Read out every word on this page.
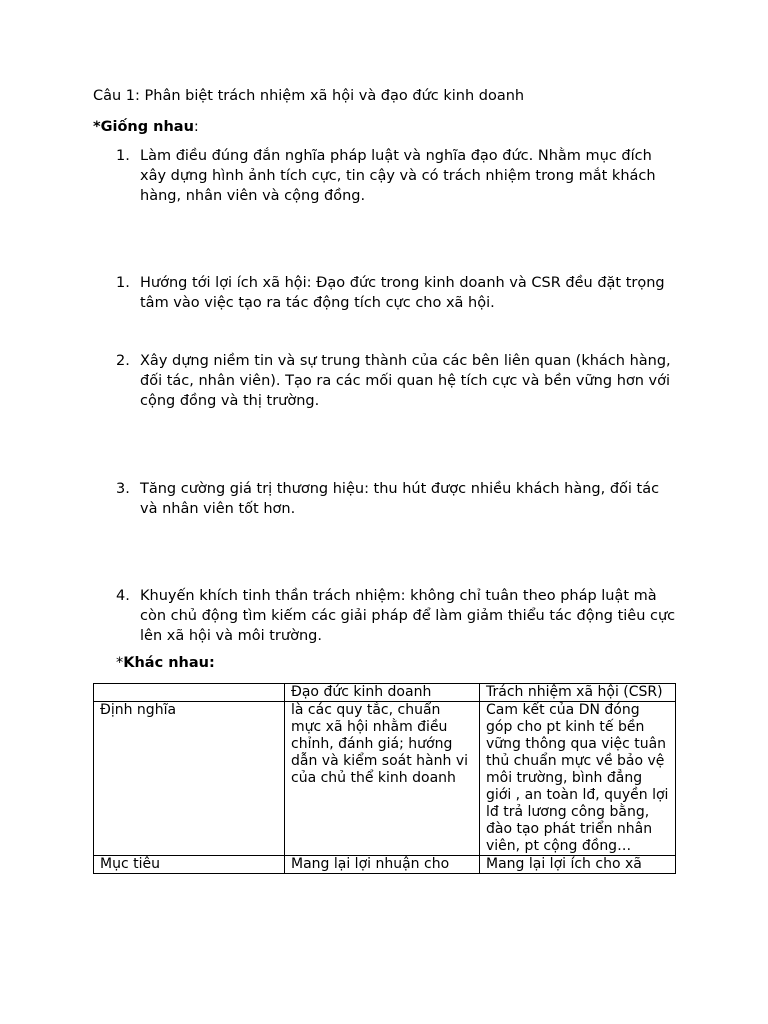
Câu 1: Phân biệt trách nhiệm xã hội và đạo đức kinh doanh
*Giống nhau:
1. Làm điều đúng đắn nghĩa pháp luật và nghĩa đạo đức. Nhằm mục đích xây dựng hình ảnh tích cực, tin cậy và có trách nhiệm trong mắt khách hàng, nhân viên và cộng đồng.
1. Hướng tới lợi ích xã hội: Đạo đức trong kinh doanh và CSR đều đặt trọng tâm vào việc tạo ra tác động tích cực cho xã hội.
2. Xây dựng niềm tin và sự trung thành của các bên liên quan (khách hàng, đối tác, nhân viên). Tạo ra các mối quan hệ tích cực và bền vững hơn với cộng đồng và thị trường.
3. Tăng cường giá trị thương hiệu: thu hút được nhiều khách hàng, đối tác và nhân viên tốt hơn.
4. Khuyến khích tinh thần trách nhiệm: không chỉ tuân theo pháp luật mà còn chủ động tìm kiếm các giải pháp để làm giảm thiểu tác động tiêu cực lên xã hội và môi trường.
*Khác nhau:
	Đạo đức kinh doanh	Trách nhiệm xã hội (CSR)
Định nghĩa	là các quy tắc, chuẩn mực xã hội nhằm điều chỉnh, đánh giá; hướng dẫn và kiểm soát hành vi của chủ thể kinh doanh	Cam kết của DN đóng góp cho pt kinh tế bền vững thông qua việc tuân thủ chuẩn mực về bảo vệ môi trường, bình đẳng giới , an toàn lđ, quyền lợi lđ trả lương công bằng, đào tạo phát triển nhân viên, pt cộng đồng…
Mục tiêu	Mang lại lợi nhuận cho	Mang lại lợi ích cho xã
